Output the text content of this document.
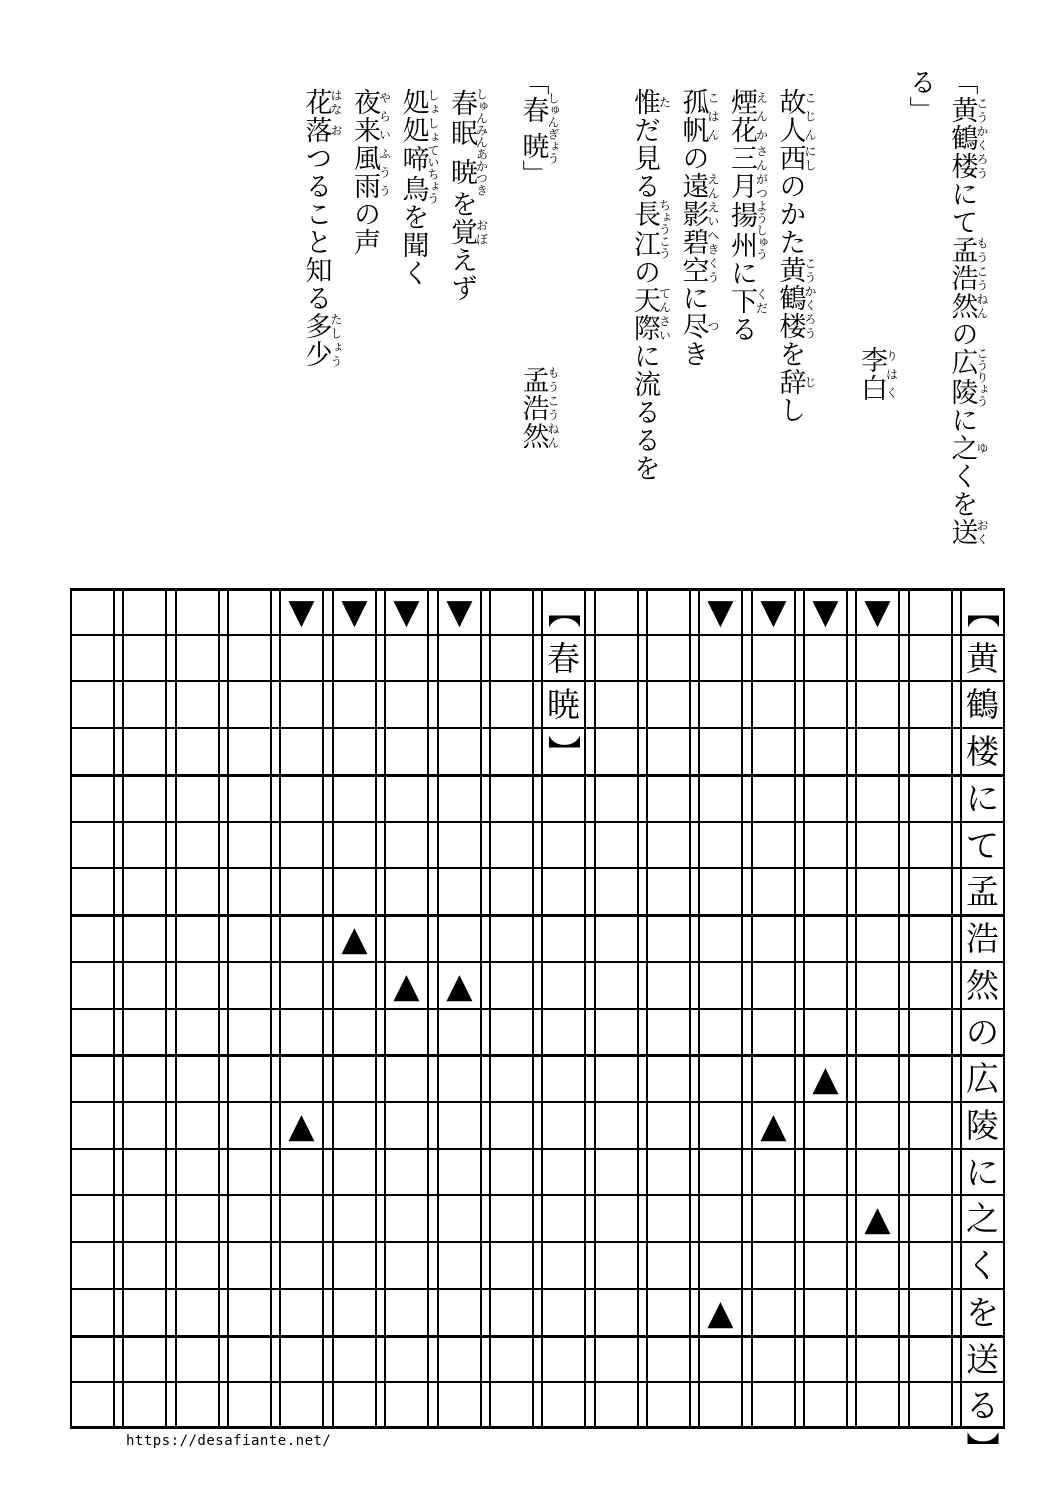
「黄鶴楼こうかくろうにて孟浩然もうこうねんの広陵こうりょうに之ゆくを送おくる」
李白りはく
故人こじん西にしのかた黄鶴楼こうかくろうを辞じし
煙花えんか三月さんがつ揚州ようしゅうに下くだる
孤帆こはんの遠影えんえい碧空へきくうに尽つき
惟ただ見る長江ちょうこうの天際てんさいに流るるを
「春暁しゅんぎょう」 孟浩然もうこうねん
春眠しゅんみん暁あかつきを覚おぼえず
処処しょしょ啼鳥ていちょうを聞く
夜来やらい風雨ふううの声
花はな落おつること知る多少たしょう
【
黄
鶴
楼
に
て
孟
浩
然
の
広
陵
に
之
く
を
送
る
】
【
春
暁
】
▼ ▼ ▼ ▼	▼ ▼ ▼ ▼
▲
▲
▲ ▲
▲
▲
▲
▲
https://desafiante.net/
